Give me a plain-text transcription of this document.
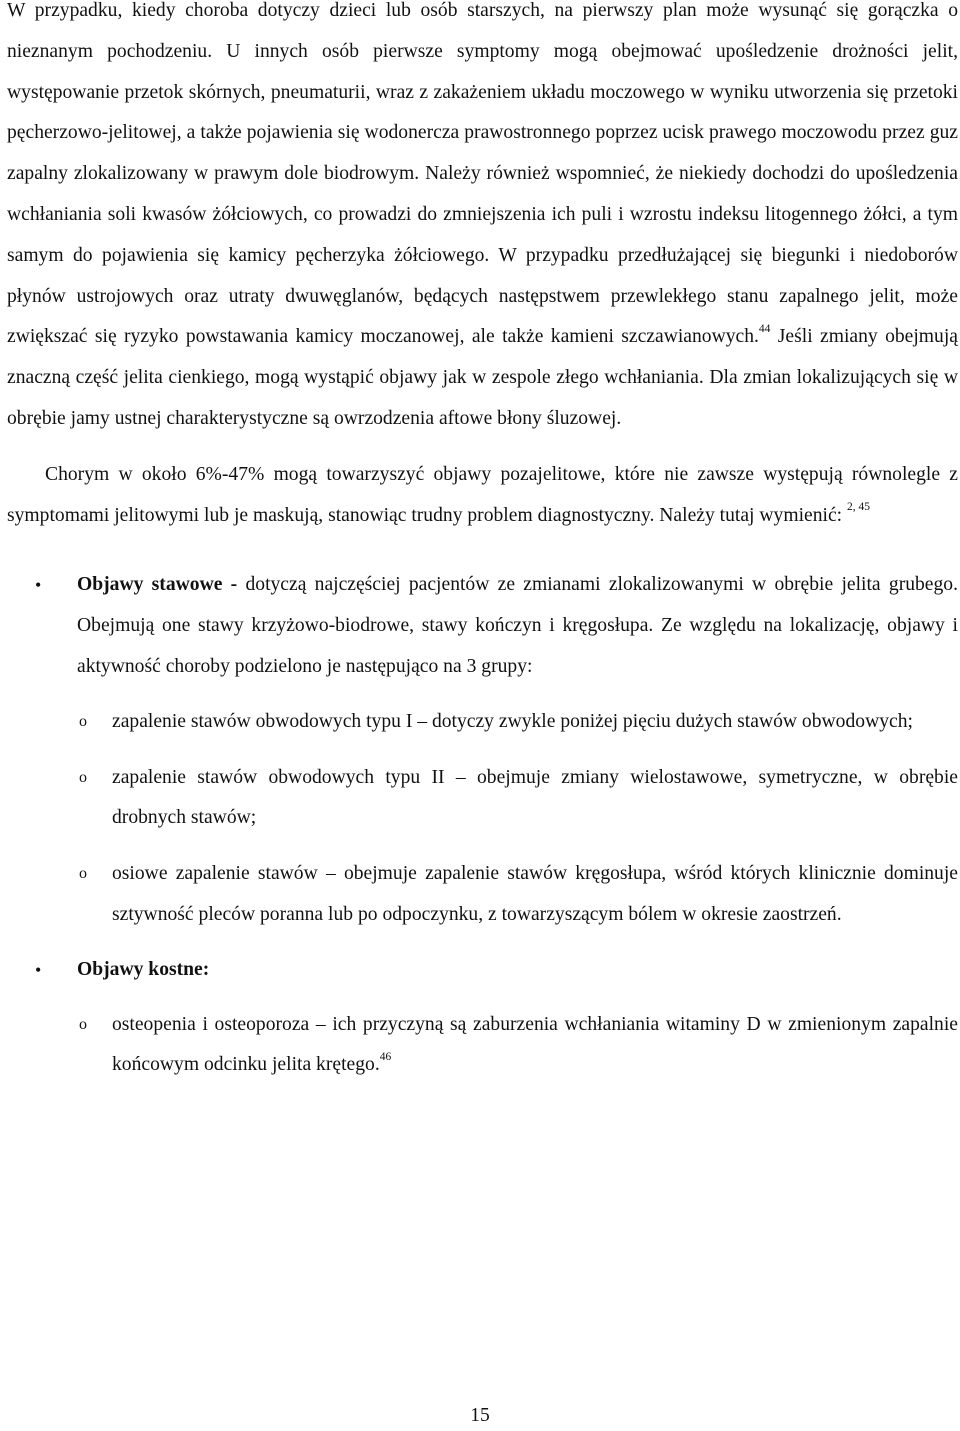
W przypadku, kiedy choroba dotyczy dzieci lub osób starszych, na pierwszy plan może wysunąć się gorączka o nieznanym pochodzeniu. U innych osób pierwsze symptomy mogą obejmować upośledzenie drożności jelit, występowanie przetok skórnych, pneumaturii, wraz z zakażeniem układu moczowego w wyniku utworzenia się przetoki pęcherzowo-jelitowej, a także pojawienia się wodonercza prawostronnego poprzez ucisk prawego moczowodu przez guz zapalny zlokalizowany w prawym dole biodrowym. Należy również wspomnieć, że niekiedy dochodzi do upośledzenia wchłaniania soli kwasów żółciowych, co prowadzi do zmniejszenia ich puli i wzrostu indeksu litogennego żółci, a tym samym do pojawienia się kamicy pęcherzyka żółciowego. W przypadku przedłużającej się biegunki i niedoborów płynów ustrojowych oraz utraty dwuwęglanów, będących następstwem przewlekłego stanu zapalnego jelit, może zwiększać się ryzyko powstawania kamicy moczanowej, ale także kamieni szczawianowych.$^{44}$ Jeśli zmiany obejmują znaczną część jelita cienkiego, mogą wystąpić objawy jak w zespole złego wchłaniania. Dla zmian lokalizujących się w obrębie jamy ustnej charakterystyczne są owrzodzenia aftowe błony śluzowej.

Chorym w około 6%-47% mogą towarzyszyć objawy pozajelitowe, które nie zawsze występują równolegle z symptomami jelitowymi lub je maskują, stanowiąc trudny problem diagnostyczny. Należy tutaj wymienić: $^{2, 45}$

• Objawy stawowe - dotyczą najczęściej pacjentów ze zmianami zlokalizowanymi w obrębie jelita grubego. Obejmują one stawy krzyżowo-biodrowe, stawy kończyn i kręgosłupa. Ze względu na lokalizację, objawy i aktywność choroby podzielono je następująco na 3 grupy:
o zapalenie stawów obwodowych typu I – dotyczy zwykle poniżej pięciu dużych stawów obwodowych;
o zapalenie stawów obwodowych typu II – obejmuje zmiany wielostawowe, symetryczne, w obrębie drobnych stawów;
o osiowe zapalenie stawów – obejmuje zapalenie stawów kręgosłupa, wśród których klinicznie dominuje sztywność pleców poranna lub po odpoczynku, z towarzyszącym bólem w okresie zaostrzeń.
• Objawy kostne:
o osteopenia i osteoporoza – ich przyczyną są zaburzenia wchłaniania witaminy D w zmienionym zapalnie końcowym odcinku jelita krętego.$^{46}$
15
